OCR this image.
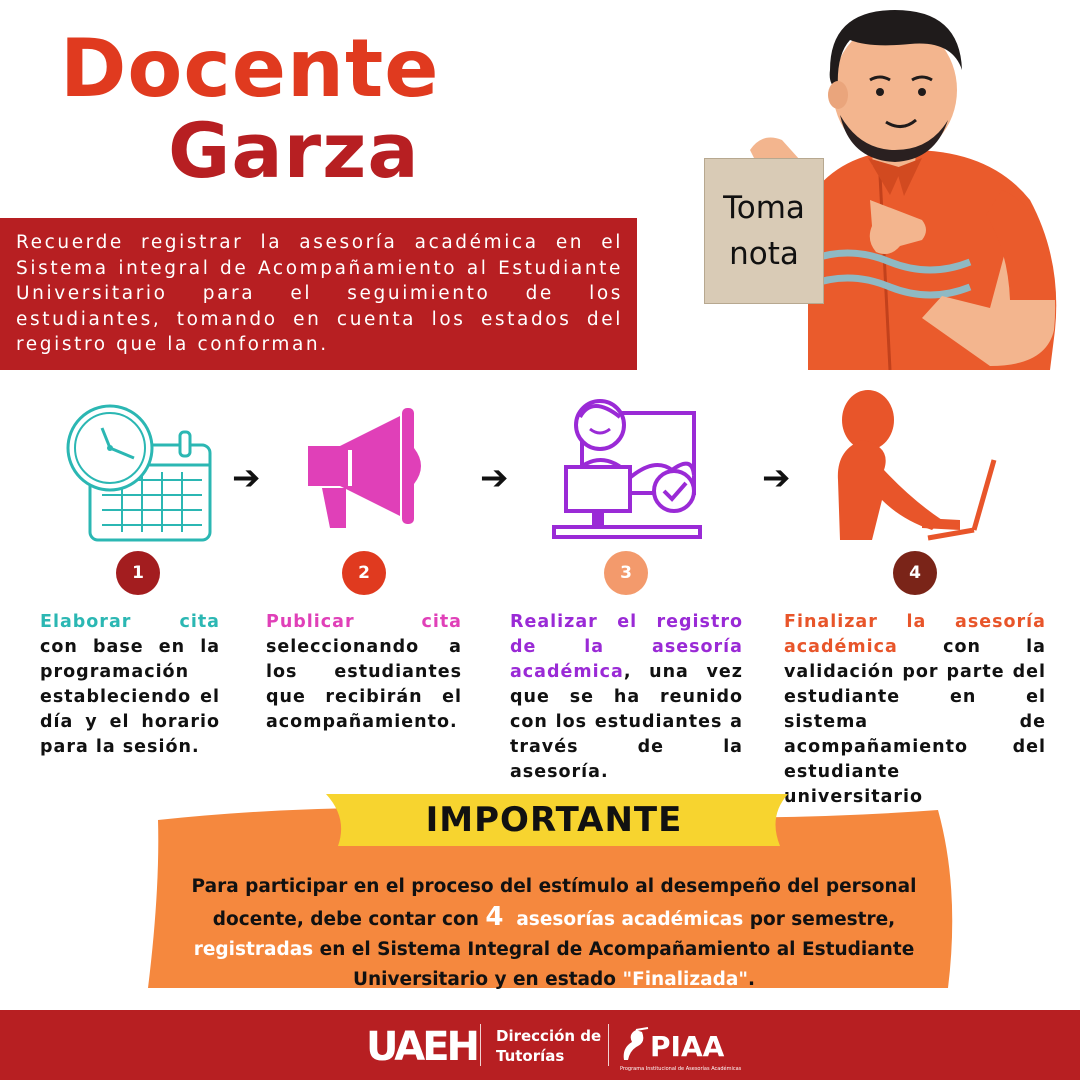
Docente
Garza

Recuerde registrar la asesoría académica en el Sistema integral de Acompañamiento al Estudiante Universitario para el seguimiento de los estudiantes, tomando en cuenta los estados del registro que la conforman.

Toma
nota
➔	➔	➔
1	2	3	4
Elaborar cita con base en la programación estableciendo el día y el horario para la sesión.
Publicar cita seleccionando a los estudiantes que recibirán el acompañamiento.
Realizar el registro de la asesoría académica, una vez que se ha reunido con los estudiantes a través de la asesoría.
Finalizar la asesoría académica con la validación por parte del estudiante en el sistema de acompañamiento del estudiante universitario
IMPORTANTE

Para participar en el proceso del estímulo al desempeño del personal docente, debe contar con 4 asesorías académicas por semestre, registradas en el Sistema Integral de Acompañamiento al Estudiante Universitario y en estado "Finalizada".

UAEH Dirección de
Tutorías	PIAA
Programa Institucional de Asesorías Académicas
